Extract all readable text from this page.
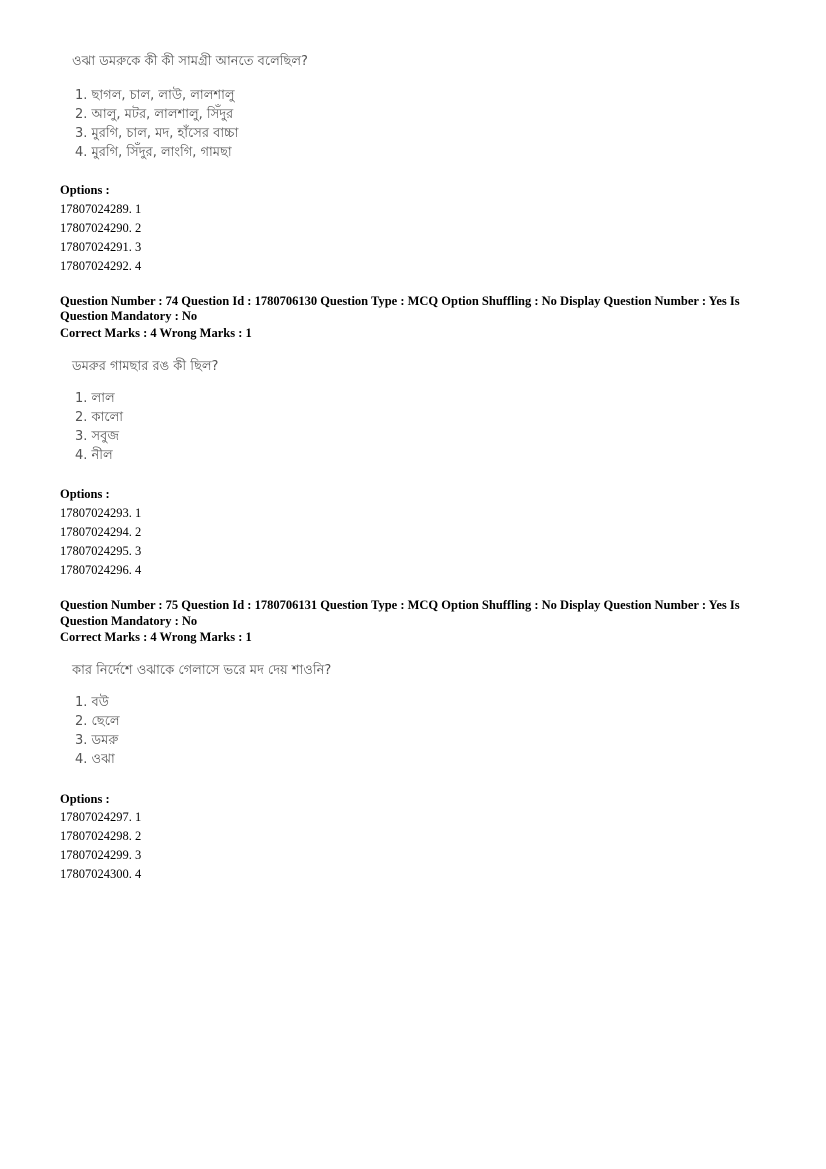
ওঝা ডমরুকে কী কী সামগ্রী আনতে বলেছিল?
1. ছাগল, চাল, লাউ, লালশালু
2. আলু, মটর, লালশালু, সিঁদুর
3. মুরগি, চাল, মদ, হাঁসের বাচ্চা
4. মুরগি, সিঁদুর, লাংগি, গামছা
Options :
17807024289. 1
17807024290. 2
17807024291. 3
17807024292. 4
Question Number : 74 Question Id : 1780706130 Question Type : MCQ Option Shuffling : No Display Question Number : Yes Is
Question Mandatory : No
Correct Marks : 4 Wrong Marks : 1
ডমরুর গামছার রঙ কী ছিল?
1. লাল
2. কালো
3. সবুজ
4. নীল
Options :
17807024293. 1
17807024294. 2
17807024295. 3
17807024296. 4
Question Number : 75 Question Id : 1780706131 Question Type : MCQ Option Shuffling : No Display Question Number : Yes Is
Question Mandatory : No
Correct Marks : 4 Wrong Marks : 1
কার নির্দেশে ওঝাকে গেলাসে ভরে মদ দেয় শাওনি?
1. বউ
2. ছেলে
3. ডমরু
4. ওঝা
Options :
17807024297. 1
17807024298. 2
17807024299. 3
17807024300. 4
